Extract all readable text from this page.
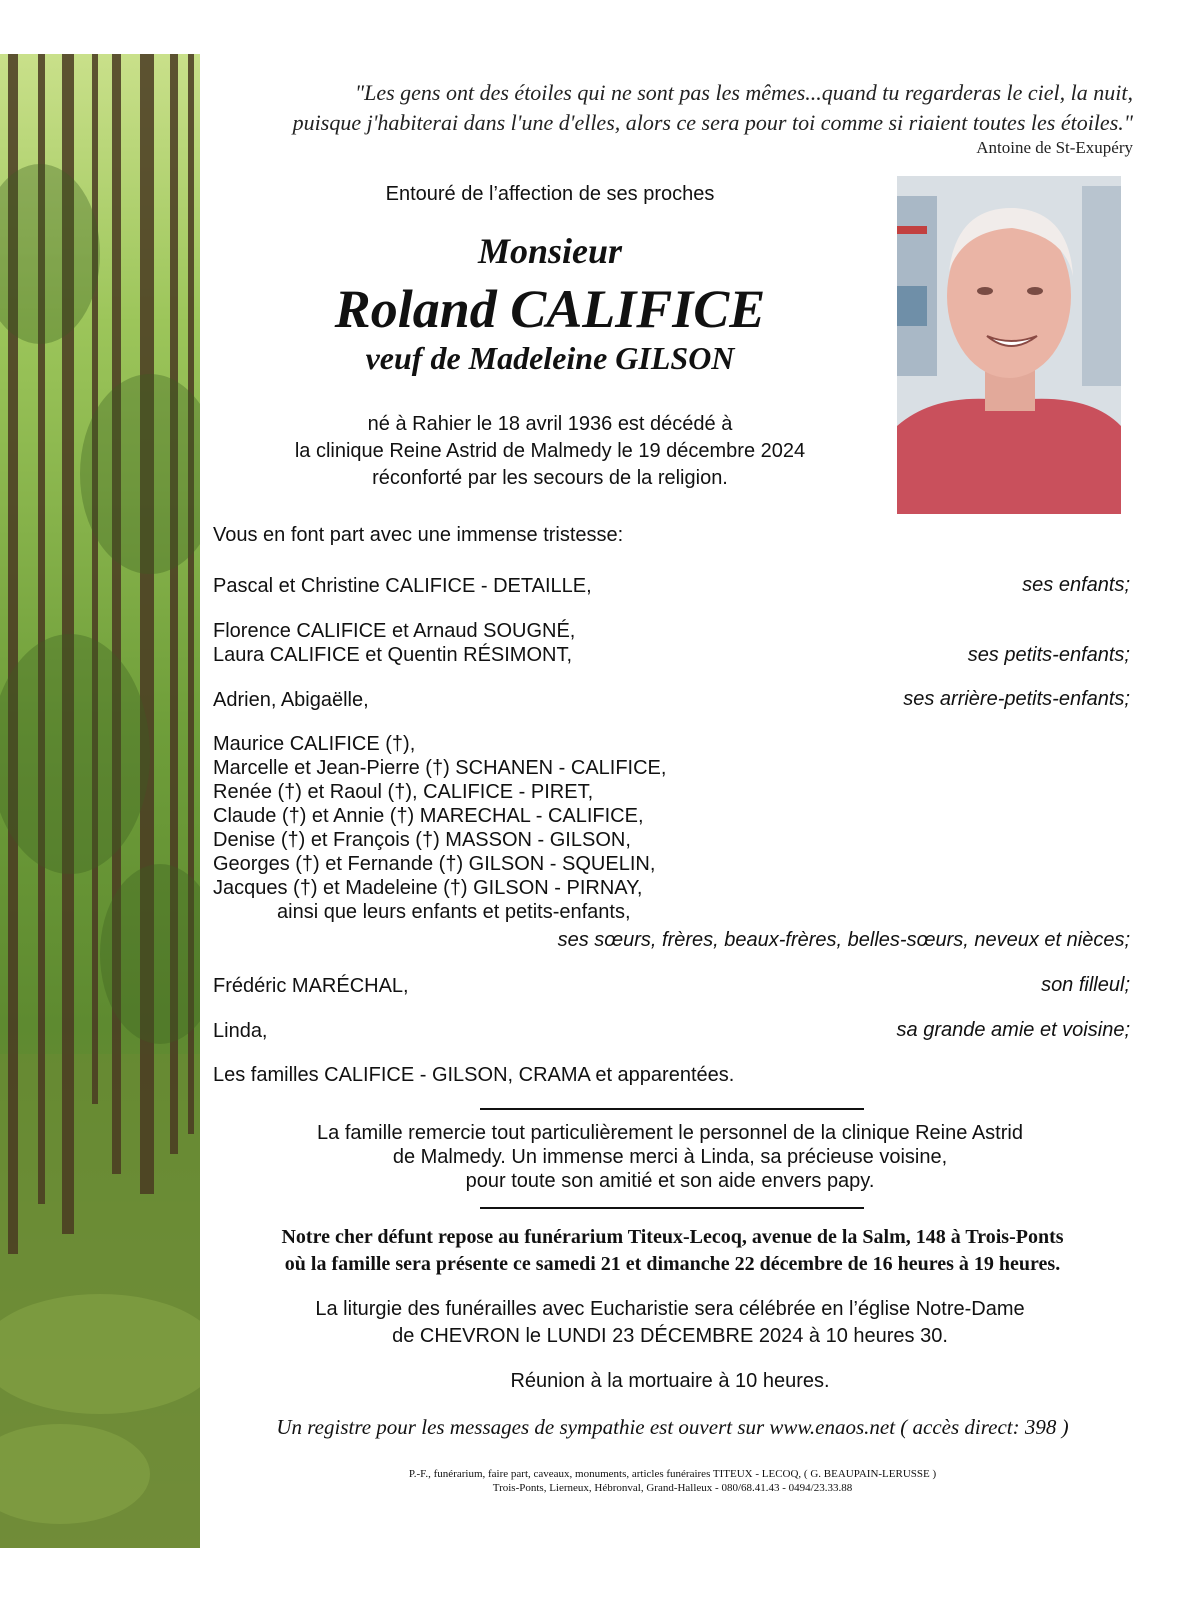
"Les gens ont des étoiles qui ne sont pas les mêmes...quand tu regarderas le ciel, la nuit,
puisque j'habiterai dans l'une d'elles, alors ce sera pour toi comme si riaient toutes les étoiles."
Antoine de St-Exupéry
Entouré de l’affection de ses proches
Monsieur
Roland CALIFICE
veuf de Madeleine GILSON
né à Rahier le 18 avril 1936 est décédé à
la clinique Reine Astrid de Malmedy le 19 décembre 2024
réconforté par les secours de la religion.
Vous en font part avec une immense tristesse:
Pascal et Christine CALIFICE - DETAILLE,	ses enfants;
Florence CALIFICE et Arnaud SOUGNÉ,
Laura CALIFICE et Quentin RÉSIMONT,	ses petits-enfants;
Adrien, Abigaëlle,	ses arrière-petits-enfants;
Maurice CALIFICE (†),
Marcelle et Jean-Pierre (†) SCHANEN - CALIFICE,
Renée (†) et Raoul (†), CALIFICE - PIRET,
Claude (†) et Annie (†) MARECHAL - CALIFICE,
Denise (†) et François (†) MASSON - GILSON,
Georges (†) et Fernande (†) GILSON - SQUELIN,
Jacques (†) et Madeleine (†) GILSON - PIRNAY,
ainsi que leurs enfants et petits-enfants,
ses sœurs, frères, beaux-frères, belles-sœurs, neveux et nièces;
Frédéric MARÉCHAL,	son filleul;
Linda,	sa grande amie et voisine;
Les familles CALIFICE - GILSON, CRAMA et apparentées.
La famille remercie tout particulièrement le personnel de la clinique Reine Astrid
de Malmedy. Un immense merci à Linda, sa précieuse voisine,
pour toute son amitié et son aide envers papy.
Notre cher défunt repose au funérarium Titeux-Lecoq, avenue de la Salm, 148 à Trois-Ponts
où la famille sera présente ce samedi 21 et dimanche 22 décembre de 16 heures à 19 heures.
La liturgie des funérailles avec Eucharistie sera célébrée en l’église Notre-Dame
de CHEVRON le LUNDI 23 DÉCEMBRE 2024 à 10 heures 30.
Réunion à la mortuaire à 10 heures.
Un registre pour les messages de sympathie est ouvert sur www.enaos.net ( accès direct: 398 )
P.-F., funérarium, faire part, caveaux, monuments, articles funéraires TITEUX - LECOQ, ( G. BEAUPAIN-LERUSSE )
Trois-Ponts, Lierneux, Hébronval, Grand-Halleux - 080/68.41.43 - 0494/23.33.88
